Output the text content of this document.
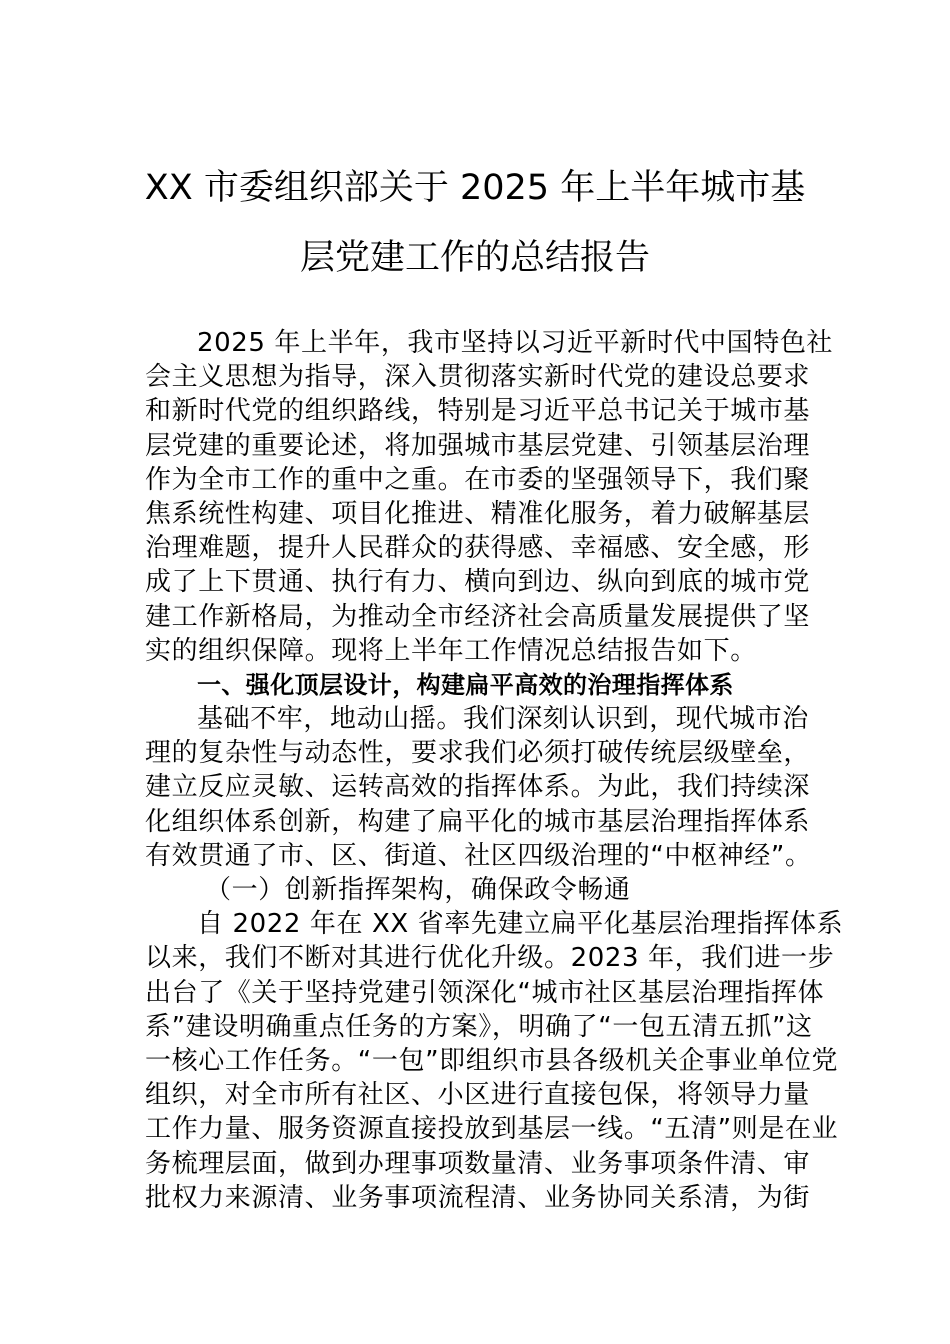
XX 市委组织部关于 2025 年上半年城市基
层党建工作的总结报告
2025 年上半年，我市坚持以习近平新时代中国特色社
会主义思想为指导，深入贯彻落实新时代党的建设总要求
和新时代党的组织路线，特别是习近平总书记关于城市基
层党建的重要论述，将加强城市基层党建、引领基层治理
作为全市工作的重中之重。在市委的坚强领导下，我们聚
焦系统性构建、项目化推进、精准化服务，着力破解基层
治理难题，提升人民群众的获得感、幸福感、安全感，形
成了上下贯通、执行有力、横向到边、纵向到底的城市党
建工作新格局，为推动全市经济社会高质量发展提供了坚
实的组织保障。现将上半年工作情况总结报告如下。
一、强化顶层设计，构建扁平高效的治理指挥体系
基础不牢，地动山摇。我们深刻认识到，现代城市治
理的复杂性与动态性，要求我们必须打破传统层级壁垒，
建立反应灵敏、运转高效的指挥体系。为此，我们持续深
化组织体系创新，构建了扁平化的城市基层治理指挥体系
有效贯通了市、区、街道、社区四级治理的“中枢神经”。
（一）创新指挥架构，确保政令畅通
自 2022 年在 XX 省率先建立扁平化基层治理指挥体系
以来，我们不断对其进行优化升级。2023 年，我们进一步
出台了《关于坚持党建引领深化“城市社区基层治理指挥体
系”建设明确重点任务的方案》，明确了“一包五清五抓”这
一核心工作任务。“一包”即组织市县各级机关企事业单位党
组织，对全市所有社区、小区进行直接包保，将领导力量
工作力量、服务资源直接投放到基层一线。“五清”则是在业
务梳理层面，做到办理事项数量清、业务事项条件清、审
批权力来源清、业务事项流程清、业务协同关系清，为街
